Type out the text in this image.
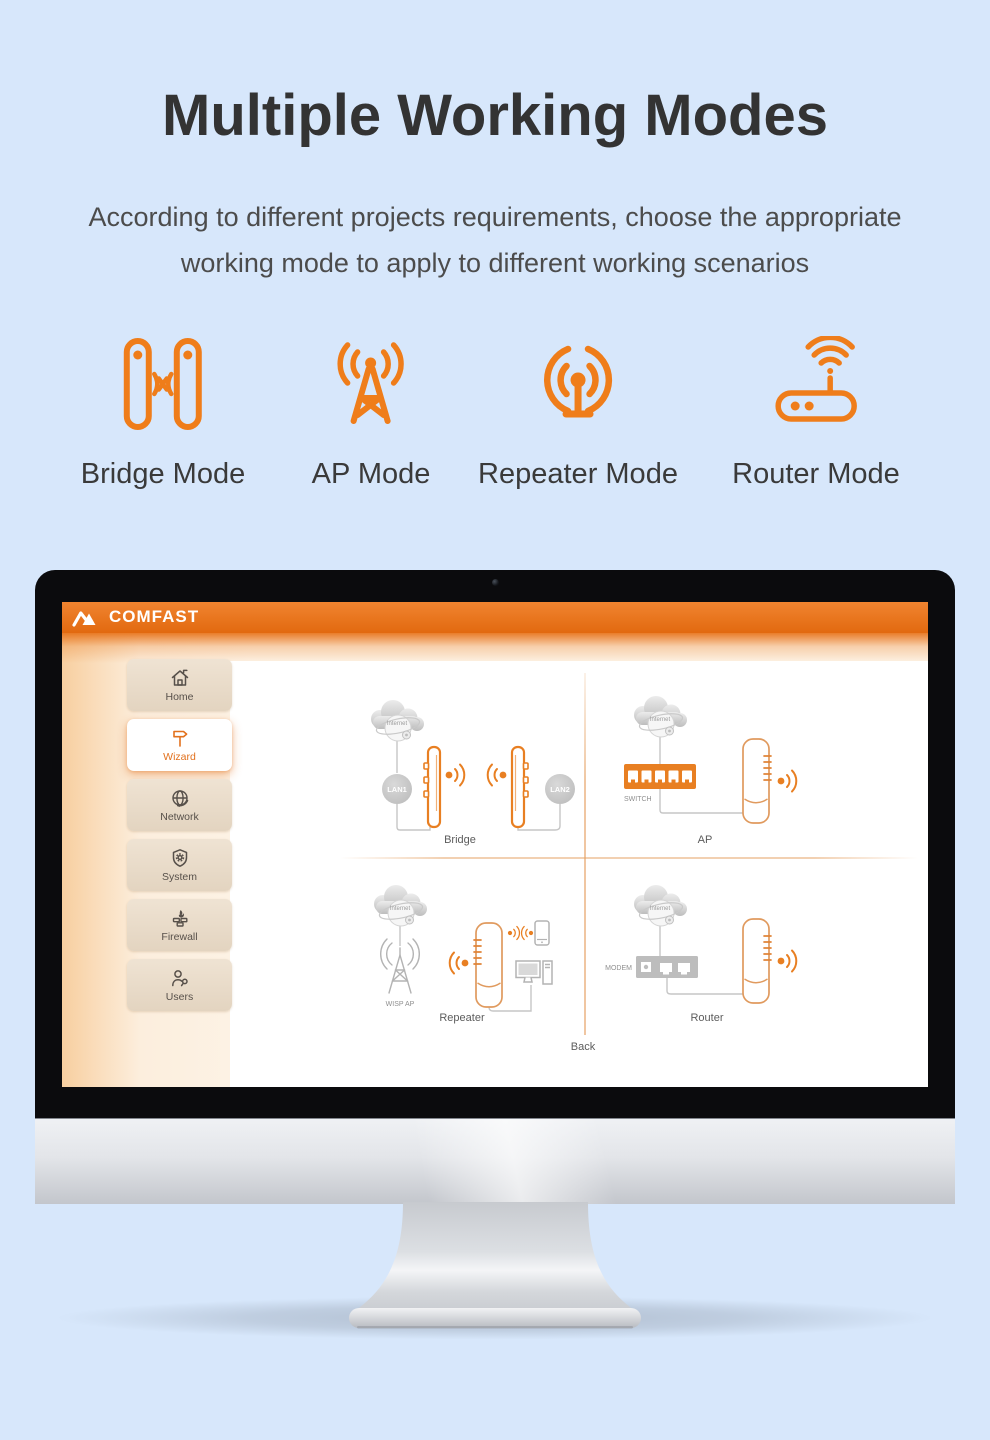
Multiple Working Modes
According to different projects requirements, choose the appropriate
working mode to apply to different working scenarios
Bridge Mode AP Mode Repeater Mode Router Mode
COMFAST
Home
Wizard
Network
System
Firewall
Users
Internet
LAN1	LAN2
Bridge
Internet
SWITCH
AP
Internet
WISP AP
Repeater
Internet
MODEM
Router
Back
